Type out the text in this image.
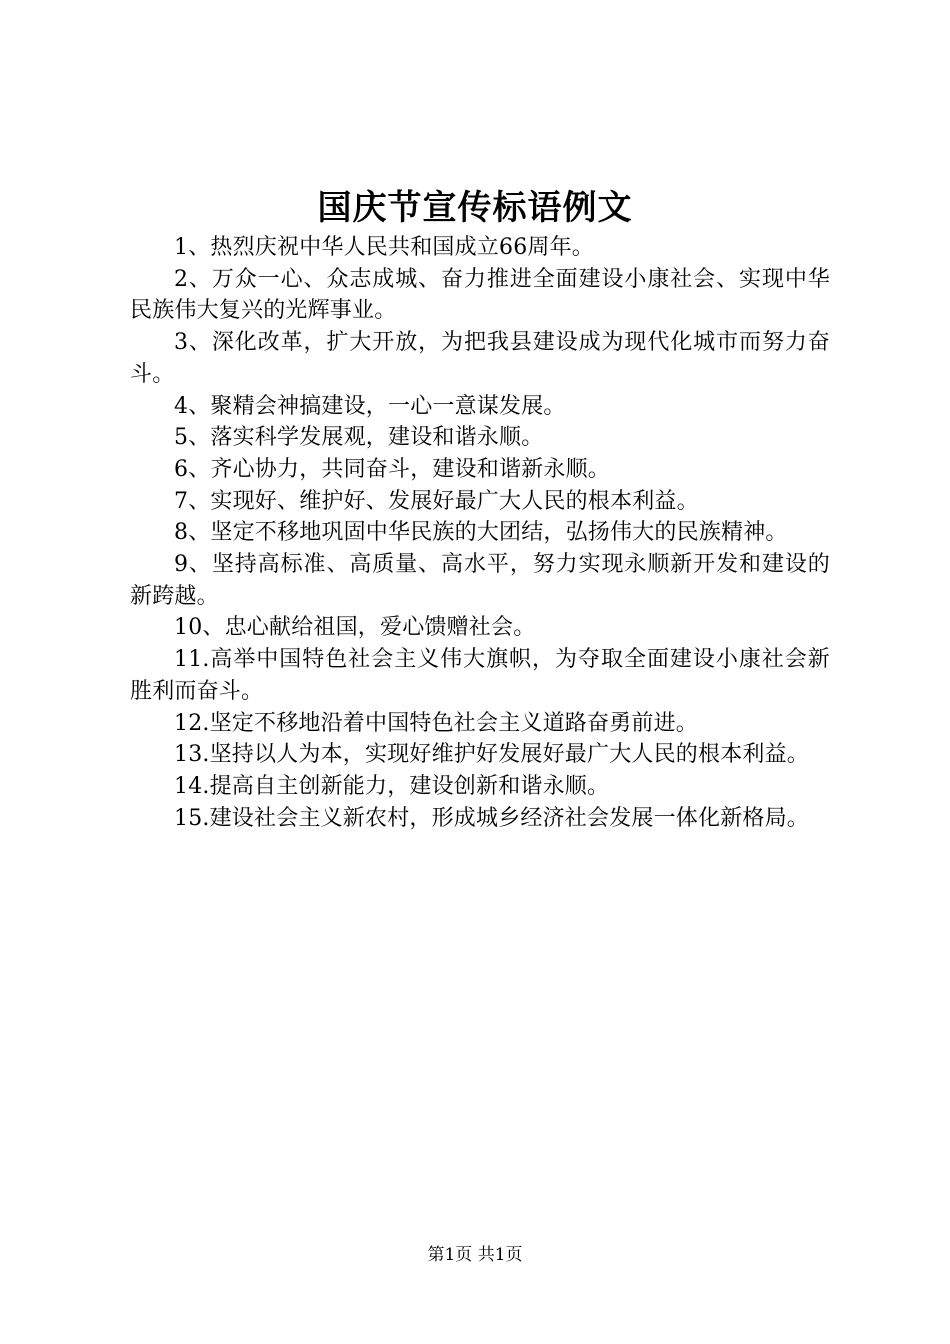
国庆节宣传标语例文

1、热烈庆祝中华人民共和国成立66周年。

2、万众一心、众志成城、奋力推进全面建设小康社会、实现中华民族伟大复兴的光辉事业。

3、深化改革，扩大开放，为把我县建设成为现代化城市而努力奋斗。

4、聚精会神搞建设，一心一意谋发展。

5、落实科学发展观，建设和谐永顺。

6、齐心协力，共同奋斗，建设和谐新永顺。

7、实现好、维护好、发展好最广大人民的根本利益。

8、坚定不移地巩固中华民族的大团结，弘扬伟大的民族精神。

9、坚持高标准、高质量、高水平，努力实现永顺新开发和建设的新跨越。

10、忠心献给祖国，爱心馈赠社会。

11.高举中国特色社会主义伟大旗帜，为夺取全面建设小康社会新胜利而奋斗。

12.坚定不移地沿着中国特色社会主义道路奋勇前进。

13.坚持以人为本，实现好维护好发展好最广大人民的根本利益。

14.提高自主创新能力，建设创新和谐永顺。

15.建设社会主义新农村，形成城乡经济社会发展一体化新格局。

第1页 共1页
